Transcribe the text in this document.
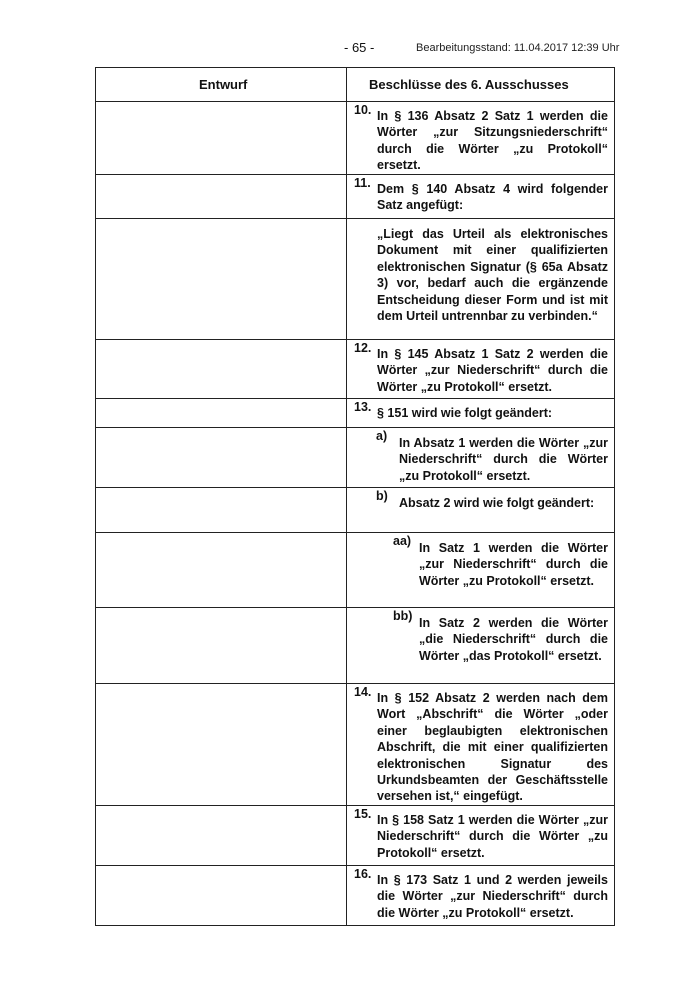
- 65 -	Bearbeitungsstand: 11.04.2017 12:39 Uhr
Entwurf	Beschlüsse des 6. Ausschusses

	10. In § 136 Absatz 2 Satz 1 werden die Wörter „zur Sitzungsniederschrift“ durch die Wörter „zu Protokoll“ ersetzt.

	11. Dem § 140 Absatz 4 wird folgender Satz angefügt:

	„Liegt das Urteil als elektronisches Dokument mit einer qualifizierten elektronischen Signatur (§ 65a Absatz 3) vor, bedarf auch die ergänzende Entscheidung dieser Form und ist mit dem Urteil untrennbar zu verbinden.“

	12. In § 145 Absatz 1 Satz 2 werden die Wörter „zur Niederschrift“ durch die Wörter „zu Protokoll“ ersetzt.

	13. § 151 wird wie folgt geändert:

	a) In Absatz 1 werden die Wörter „zur Niederschrift“ durch die Wörter „zu Protokoll“ ersetzt.

	b) Absatz 2 wird wie folgt geändert:

	aa) In Satz 1 werden die Wörter „zur Niederschrift“ durch die Wörter „zu Protokoll“ ersetzt.

	bb) In Satz 2 werden die Wörter „die Niederschrift“ durch die Wörter „das Protokoll“ ersetzt.

	14. In § 152 Absatz 2 werden nach dem Wort „Abschrift“ die Wörter „oder einer beglaubigten elektronischen Abschrift, die mit einer qualifizierten elektronischen Signatur des Urkundsbeamten der Geschäftsstelle versehen ist,“ eingefügt.

	15. In § 158 Satz 1 werden die Wörter „zur Niederschrift“ durch die Wörter „zu Protokoll“ ersetzt.

	16. In § 173 Satz 1 und 2 werden jeweils die Wörter „zur Niederschrift“ durch die Wörter „zu Protokoll“ ersetzt.
